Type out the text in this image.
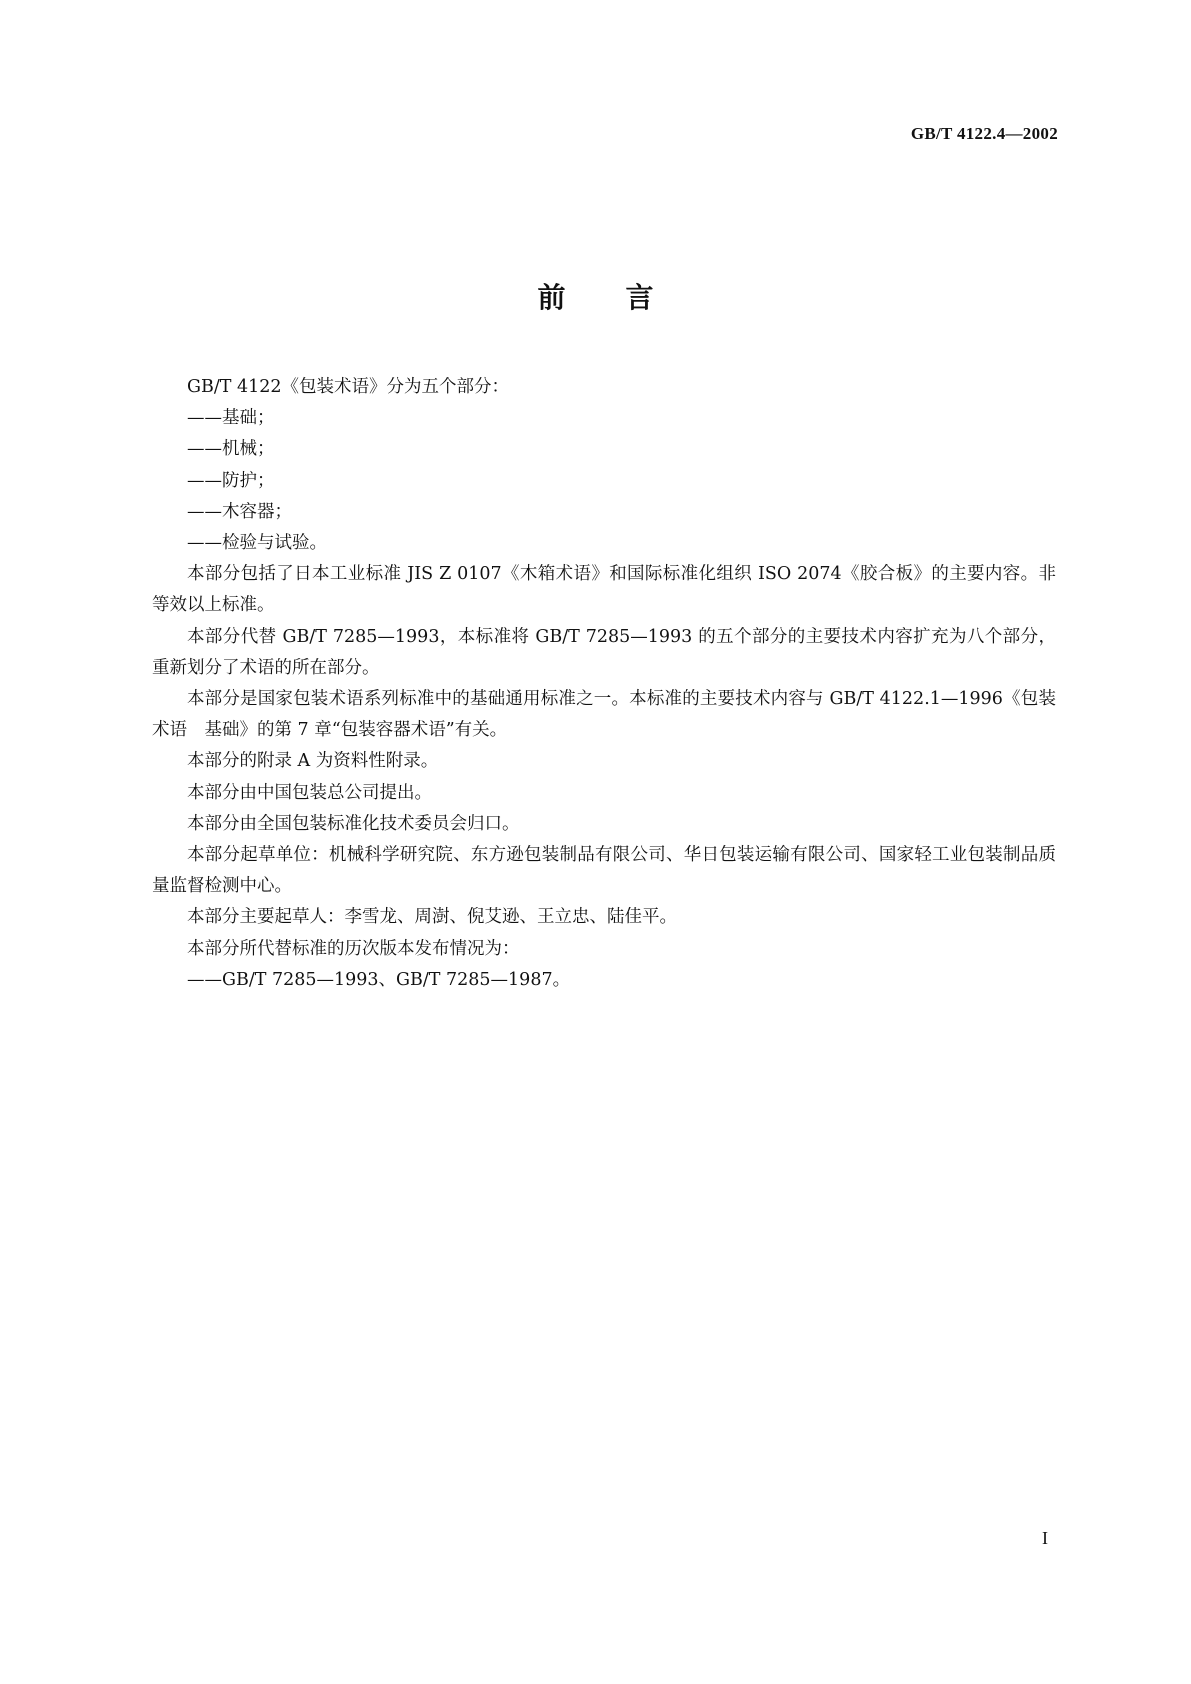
GB/T 4122.4—2002
前言

GB/T 4122《包装术语》分为五个部分：

——基础；

——机械；

——防护；

——木容器；

——检验与试验。

本部分包括了日本工业标准 JIS Z 0107《木箱术语》和国际标准化组织 ISO 2074《胶合板》的主要内容。非等效以上标准。

本部分代替 GB/T 7285—1993，本标准将 GB/T 7285—1993 的五个部分的主要技术内容扩充为八个部分，重新划分了术语的所在部分。

本部分是国家包装术语系列标准中的基础通用标准之一。本标准的主要技术内容与 GB/T 4122.1—1996《包装术语　基础》的第 7 章“包装容器术语”有关。

本部分的附录 A 为资料性附录。

本部分由中国包装总公司提出。

本部分由全国包装标准化技术委员会归口。

本部分起草单位：机械科学研究院、东方逊包装制品有限公司、华日包装运输有限公司、国家轻工业包装制品质量监督检测中心。

本部分主要起草人：李雪龙、周澍、倪艾逊、王立忠、陆佳平。

本部分所代替标准的历次版本发布情况为：

——GB/T 7285—1993、GB/T 7285—1987。

I
